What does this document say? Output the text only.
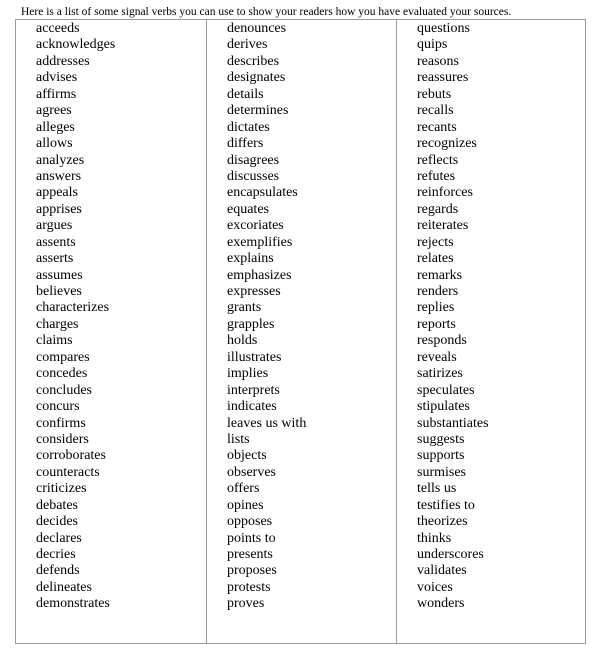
Here is a list of some signal verbs you can use to show your readers how you have evaluated your sources.
acceeds
acknowledges
addresses
advises
affirms
agrees
alleges
allows
analyzes
answers
appeals
apprises
argues
assents
asserts
assumes
believes
characterizes
charges
claims
compares
concedes
concludes
concurs
confirms
considers
corroborates
counteracts
criticizes
debates
decides
declares
decries
defends
delineates
demonstrates
denounces
derives
describes
designates
details
determines
dictates
differs
disagrees
discusses
encapsulates
equates
excoriates
exemplifies
explains
emphasizes
expresses
grants
grapples
holds
illustrates
implies
interprets
indicates
leaves us with
lists
objects
observes
offers
opines
opposes
points to
presents
proposes
protests
proves
questions
quips
reasons
reassures
rebuts
recalls
recants
recognizes
reflects
refutes
reinforces
regards
reiterates
rejects
relates
remarks
renders
replies
reports
responds
reveals
satirizes
speculates
stipulates
substantiates
suggests
supports
surmises
tells us
testifies to
theorizes
thinks
underscores
validates
voices
wonders
